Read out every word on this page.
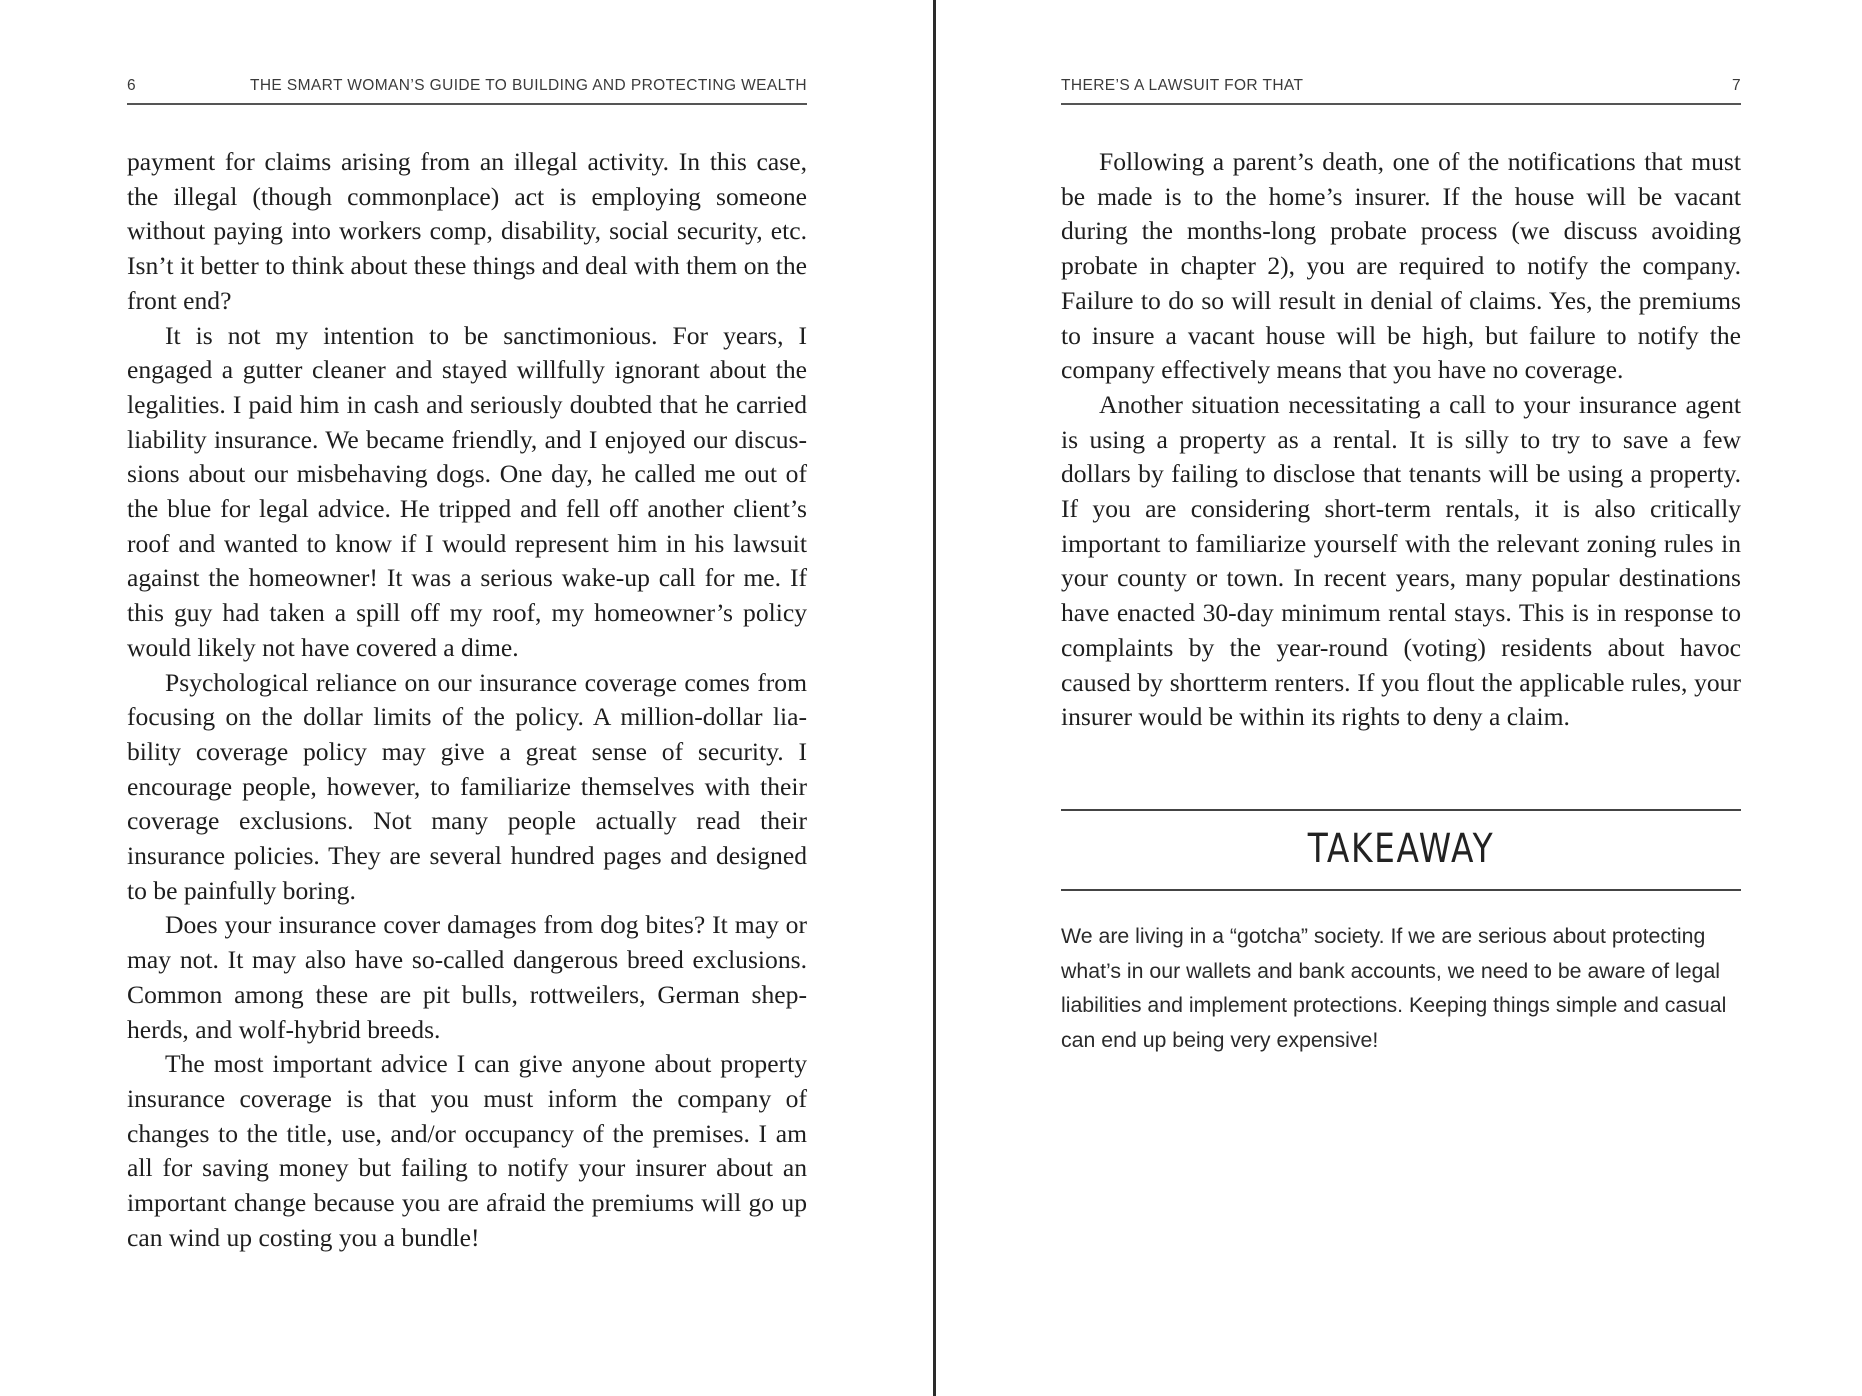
6	THE SMART WOMAN’S GUIDE TO BUILDING AND PROTECTING WEALTH

payment for claims arising from an illegal activity. In this case, the illegal (though commonplace) act is employing someone without paying into workers comp, disability, social security, etc. Isn’t it better to think about these things and deal with them on the front end?

It is not my intention to be sanctimonious. For years, I engaged a gutter cleaner and stayed willfully ignorant about the legalities. I paid him in cash and seriously doubted that he carried liability insurance. We became friendly, and I enjoyed our discussions about our misbehaving dogs. One day, he called me out of the blue for legal advice. He tripped and fell off another client’s roof and wanted to know if I would represent him in his lawsuit against the homeowner! It was a serious wake-up call for me. If this guy had taken a spill off my roof, my homeowner’s policy would likely not have covered a dime.

Psychological reliance on our insurance coverage comes from focusing on the dollar limits of the policy. A million-dollar liability coverage policy may give a great sense of security. I encourage people, however, to familiarize themselves with their coverage exclusions. Not many people actually read their insurance policies. They are several hundred pages and designed to be painfully boring.

Does your insurance cover damages from dog bites? It may or may not. It may also have so-called dangerous breed exclusions. Common among these are pit bulls, rottweilers, German shepherds, and wolf-hybrid breeds.

The most important advice I can give anyone about property insurance coverage is that you must inform the company of changes to the title, use, and/or occupancy of the premises. I am all for saving money but failing to notify your insurer about an important change because you are afraid the premiums will go up can wind up costing you a bundle!

THERE’S A LAWSUIT FOR THAT	7

Following a parent’s death, one of the notifications that must be made is to the home’s insurer. If the house will be vacant during the months-long probate process (we discuss avoiding probate in chapter 2), you are required to notify the company. Failure to do so will result in denial of claims. Yes, the premiums to insure a vacant house will be high, but failure to notify the company effectively means that you have no coverage.

Another situation necessitating a call to your insurance agent is using a property as a rental. It is silly to try to save a few dollars by failing to disclose that tenants will be using a property. If you are considering short-term rentals, it is also critically important to familiarize yourself with the relevant zoning rules in your county or town. In recent years, many popular destinations have enacted 30-day minimum rental stays. This is in response to complaints by the year-round (voting) residents about havoc caused by shortterm renters. If you flout the applicable rules, your insurer would be within its rights to deny a claim.

TAKEAWAY

We are living in a “gotcha” society. If we are serious about protecting what’s in our wallets and bank accounts, we need to be aware of legal liabilities and implement protections. Keeping things simple and casual can end up being very expensive!
